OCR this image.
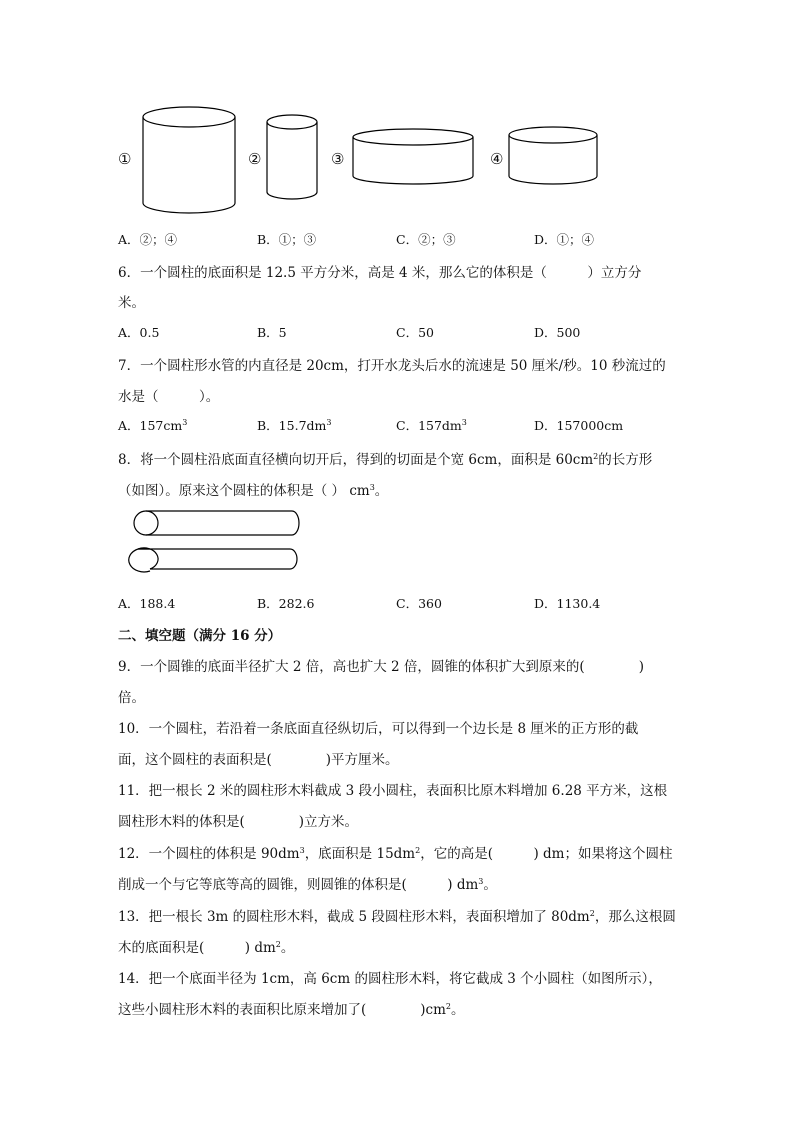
①	②	③	④
A．②；④	B．①；③	C．②；③	D．①；④
6．一个圆柱的底面积是 12.5 平方分米，高是 4 米，那么它的体积是（　　　）立方分
米。
A．0.5	B．5	C．50	D．500
7．一个圆柱形水管的内直径是 20cm，打开水龙头后水的流速是 50 厘米/秒。10 秒流过的
水是（　　　）。
A．$157cm^3$	B．$15.7dm^3$	C．$157dm^3$	D．157000cm
8．将一个圆柱沿底面直径横向切开后，得到的切面是个宽 6cm，面积是 $60cm^2$的长方形
（如图）。原来这个圆柱的体积是（ ） $cm^3$。
A．188.4	B．282.6	C．360	D．1130.4
二、填空题（满分 16 分）
9．一个圆锥的底面半径扩大 2 倍，高也扩大 2 倍，圆锥的体积扩大到原来的(　　　　)
倍。
10．一个圆柱，若沿着一条底面直径纵切后，可以得到一个边长是 8 厘米的正方形的截
面，这个圆柱的表面积是(　　　　)平方厘米。
11．把一根长 2 米的圆柱形木料截成 3 段小圆柱，表面积比原木料增加 6.28 平方米，这根
圆柱形木料的体积是(　　　　)立方米。
12．一个圆柱的体积是 $90dm^3$，底面积是 $15dm^2$，它的高是(　　　) dm；如果将这个圆柱
削成一个与它等底等高的圆锥，则圆锥的体积是(　　　) $dm^3$。
13．把一根长 3m 的圆柱形木料，截成 5 段圆柱形木料，表面积增加了 $80dm^2$，那么这根圆
木的底面积是(　　　) $dm^2$。
14．把一个底面半径为 1cm，高 6cm 的圆柱形木料，将它截成 3 个小圆柱（如图所示），
这些小圆柱形木料的表面积比原来增加了(　　　　)$cm^2$。
